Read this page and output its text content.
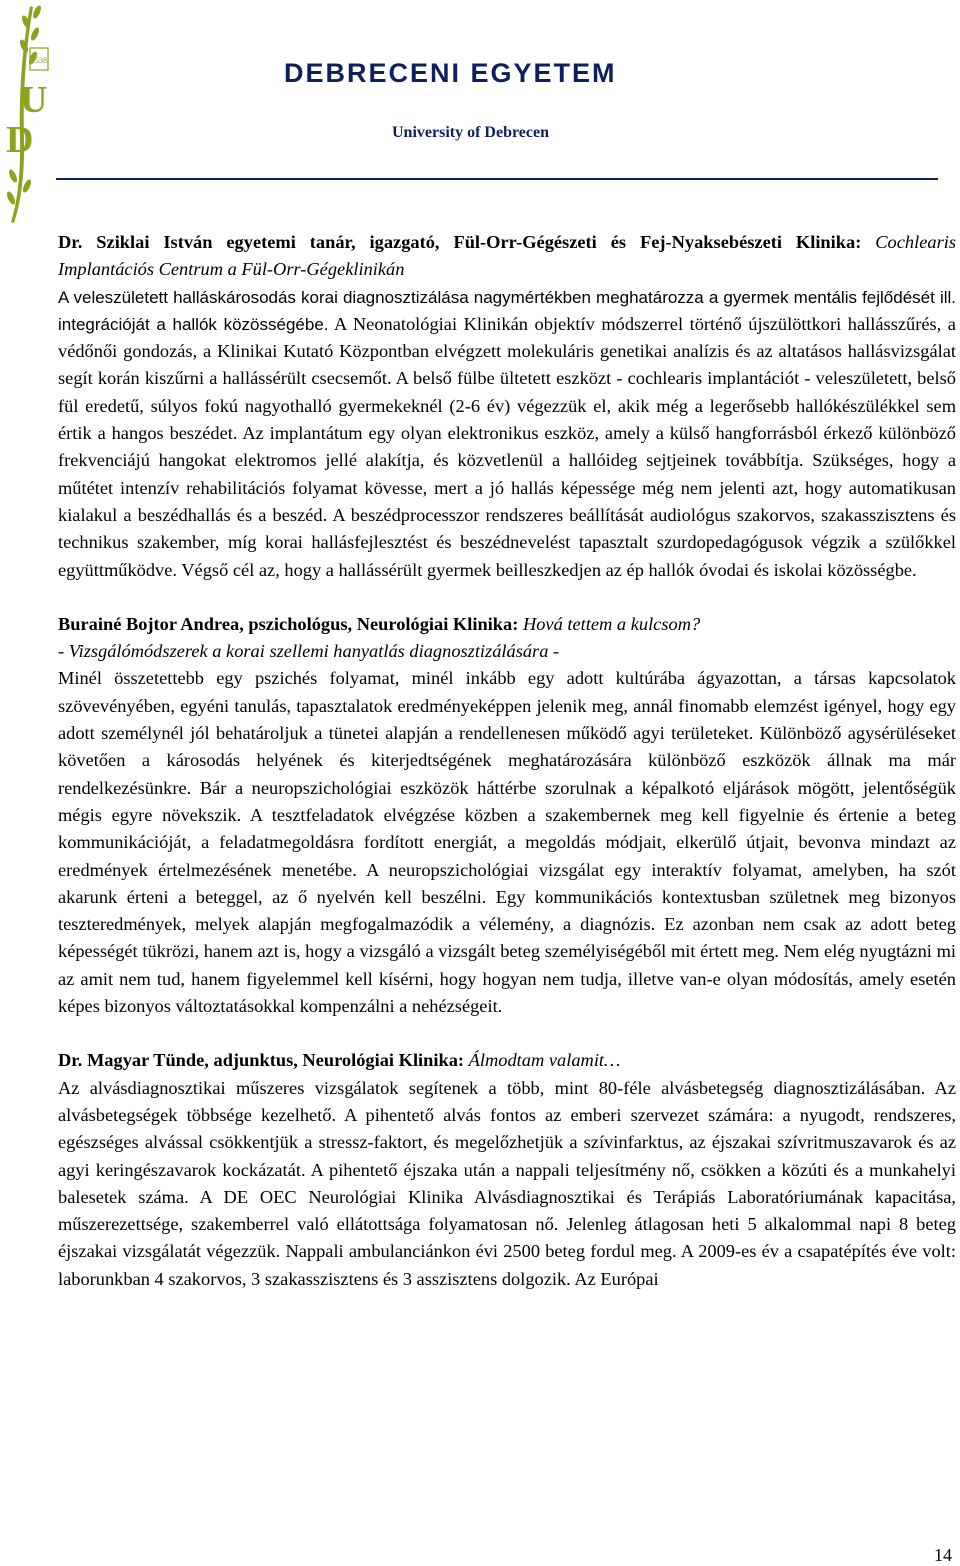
1538
U
D
DEBRECENI EGYETEM
University of Debrecen

Dr. Sziklai István egyetemi tanár, igazgató, Fül-Orr-Gégészeti és Fej-Nyaksebészeti Klinika: Cochlearis Implantációs Centrum a Fül-Orr-Gégeklinikán
A veleszületett halláskárosodás korai diagnosztizálása nagymértékben meghatározza a gyermek mentális fejlődését ill. integrációját a hallók közösségébe. A Neonatológiai Klinikán objektív módszerrel történő újszülöttkori hallásszűrés, a védőnői gondozás, a Klinikai Kutató Központban elvégzett molekuláris genetikai analízis és az altatásos hallásvizsgálat segít korán kiszűrni a hallássérült csecsemőt. A belső fülbe ültetett eszközt - cochlearis implantációt - veleszületett, belső fül eredetű, súlyos fokú nagyothalló gyermekeknél (2-6 év) végezzük el, akik még a legerősebb hallókészülékkel sem értik a hangos beszédet. Az implantátum egy olyan elektronikus eszköz, amely a külső hangforrásból érkező különböző frekvenciájú hangokat elektromos jellé alakítja, és közvetlenül a hallóideg sejtjeinek továbbítja. Szükséges, hogy a műtétet intenzív rehabilitációs folyamat kövesse, mert a jó hallás képessége még nem jelenti azt, hogy automatikusan kialakul a beszédhallás és a beszéd. A beszédprocesszor rendszeres beállítását audiológus szakorvos, szakasszisztens és technikus szakember, míg korai hallásfejlesztést és beszédnevelést tapasztalt szurdopedagógusok végzik a szülőkkel együttműködve. Végső cél az, hogy a hallássérült gyermek beilleszkedjen az ép hallók óvodai és iskolai közösségbe.

Burainé Bojtor Andrea, pszichológus, Neurológiai Klinika: Hová tettem a kulcsom?
- Vizsgálómódszerek a korai szellemi hanyatlás diagnosztizálására -
Minél összetettebb egy pszichés folyamat, minél inkább egy adott kultúrába ágyazottan, a társas kapcsolatok szövevényében, egyéni tanulás, tapasztalatok eredményeképpen jelenik meg, annál finomabb elemzést igényel, hogy egy adott személynél jól behatároljuk a tünetei alapján a rendellenesen működő agyi területeket. Különböző agysérüléseket követően a károsodás helyének és kiterjedtségének meghatározására különböző eszközök állnak ma már rendelkezésünkre. Bár a neuropszichológiai eszközök háttérbe szorulnak a képalkotó eljárások mögött, jelentőségük mégis egyre növekszik. A tesztfeladatok elvégzése közben a szakembernek meg kell figyelnie és értenie a beteg kommunikációját, a feladatmegoldásra fordított energiát, a megoldás módjait, elkerülő útjait, bevonva mindazt az eredmények értelmezésének menetébe. A neuropszichológiai vizsgálat egy interaktív folyamat, amelyben, ha szót akarunk érteni a beteggel, az ő nyelvén kell beszélni. Egy kommunikációs kontextusban születnek meg bizonyos teszteredmények, melyek alapján megfogalmazódik a vélemény, a diagnózis. Ez azonban nem csak az adott beteg képességét tükrözi, hanem azt is, hogy a vizsgáló a vizsgált beteg személyiségéből mit értett meg. Nem elég nyugtázni mi az amit nem tud, hanem figyelemmel kell kísérni, hogy hogyan nem tudja, illetve van-e olyan módosítás, amely esetén képes bizonyos változtatásokkal kompenzálni a nehézségeit.

Dr. Magyar Tünde, adjunktus, Neurológiai Klinika: Álmodtam valamit…
Az alvásdiagnosztikai műszeres vizsgálatok segítenek a több, mint 80-féle alvásbetegség diagnosztizálásában. Az alvásbetegségek többsége kezelhető. A pihentető alvás fontos az emberi szervezet számára: a nyugodt, rendszeres, egészséges alvással csökkentjük a stressz-faktort, és megelőzhetjük a szívinfarktus, az éjszakai szívritmuszavarok és az agyi keringészavarok kockázatát. A pihentető éjszaka után a nappali teljesítmény nő, csökken a közúti és a munkahelyi balesetek száma. A DE OEC Neurológiai Klinika Alvásdiagnosztikai és Terápiás Laboratóriumának kapacitása, műszerezettsége, szakemberrel való ellátottsága folyamatosan nő. Jelenleg átlagosan heti 5 alkalommal napi 8 beteg éjszakai vizsgálatát végezzük. Nappali ambulanciánkon évi 2500 beteg fordul meg. A 2009-es év a csapatépítés éve volt: laborunkban 4 szakorvos, 3 szakasszisztens és 3 asszisztens dolgozik. Az Európai

14
